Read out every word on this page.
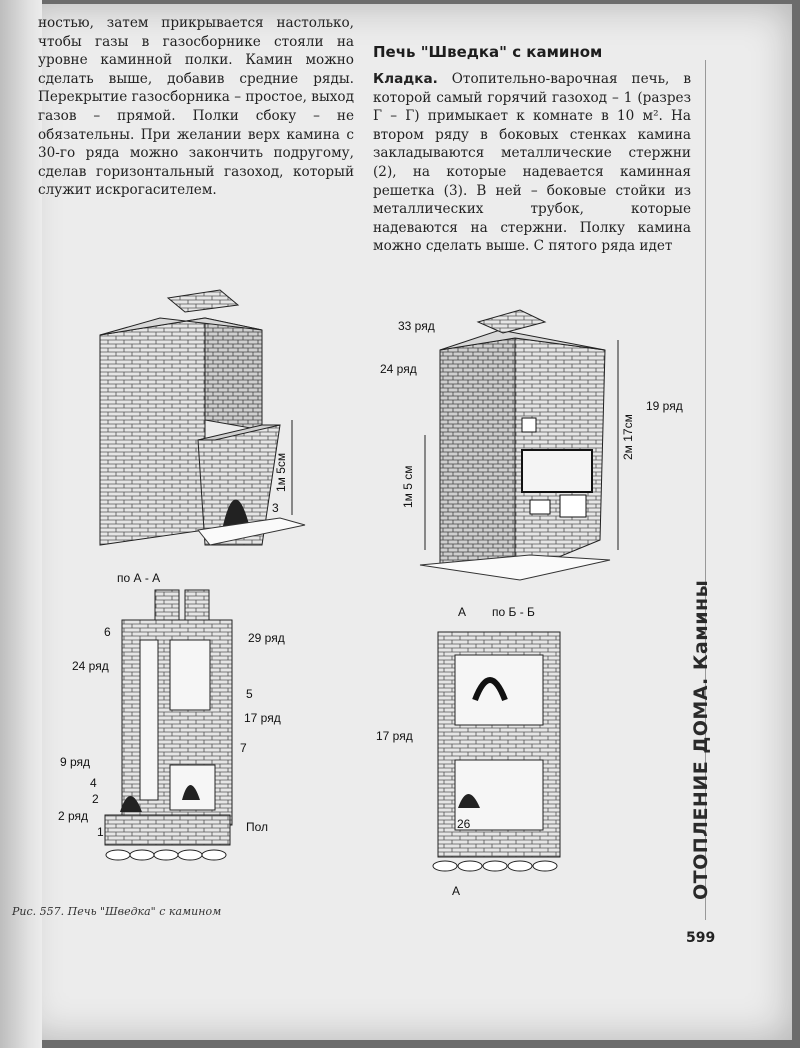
ностью, затем прикрывается настолько, чтобы газы в газосборнике стояли на уровне каминной полки. Камин можно сделать выше, добавив средние ряды. Перекрытие газосборника – простое, выход газов – прямой. Полки сбоку – не обязательны. При желании верх камина с 30-го ряда можно закончить подругому, сделав горизонтальный газоход, который служит искрогасителем.
Печь "Шведка" с камином
Кладка. Отопительно-варочная печь, в которой самый горячий газоход – 1 (разрез Г – Г) примыкает к комнате в 10 м². На втором ряду в боковых стенках камина закладываются металлические стержни (2), на которые надевается каминная решетка (3). В ней – боковые стойки из металлических трубок, которые надеваются на стержни. Полку камина можно сделать выше. С пятого ряда идет
1м 5см
3
33 ряд
24 ряд
19 ряд
1м 5 см
2м 17см
по А - А
29 ряд
24 ряд
17 ряд
9 ряд
2 ряд
Пол
6
5
7
4
2
1
по Б - Б
А
А
17 ряд
26
Рис. 557. Печь "Шведка" с камином
ОТОПЛЕНИЕ ДОМА. Камины
599
